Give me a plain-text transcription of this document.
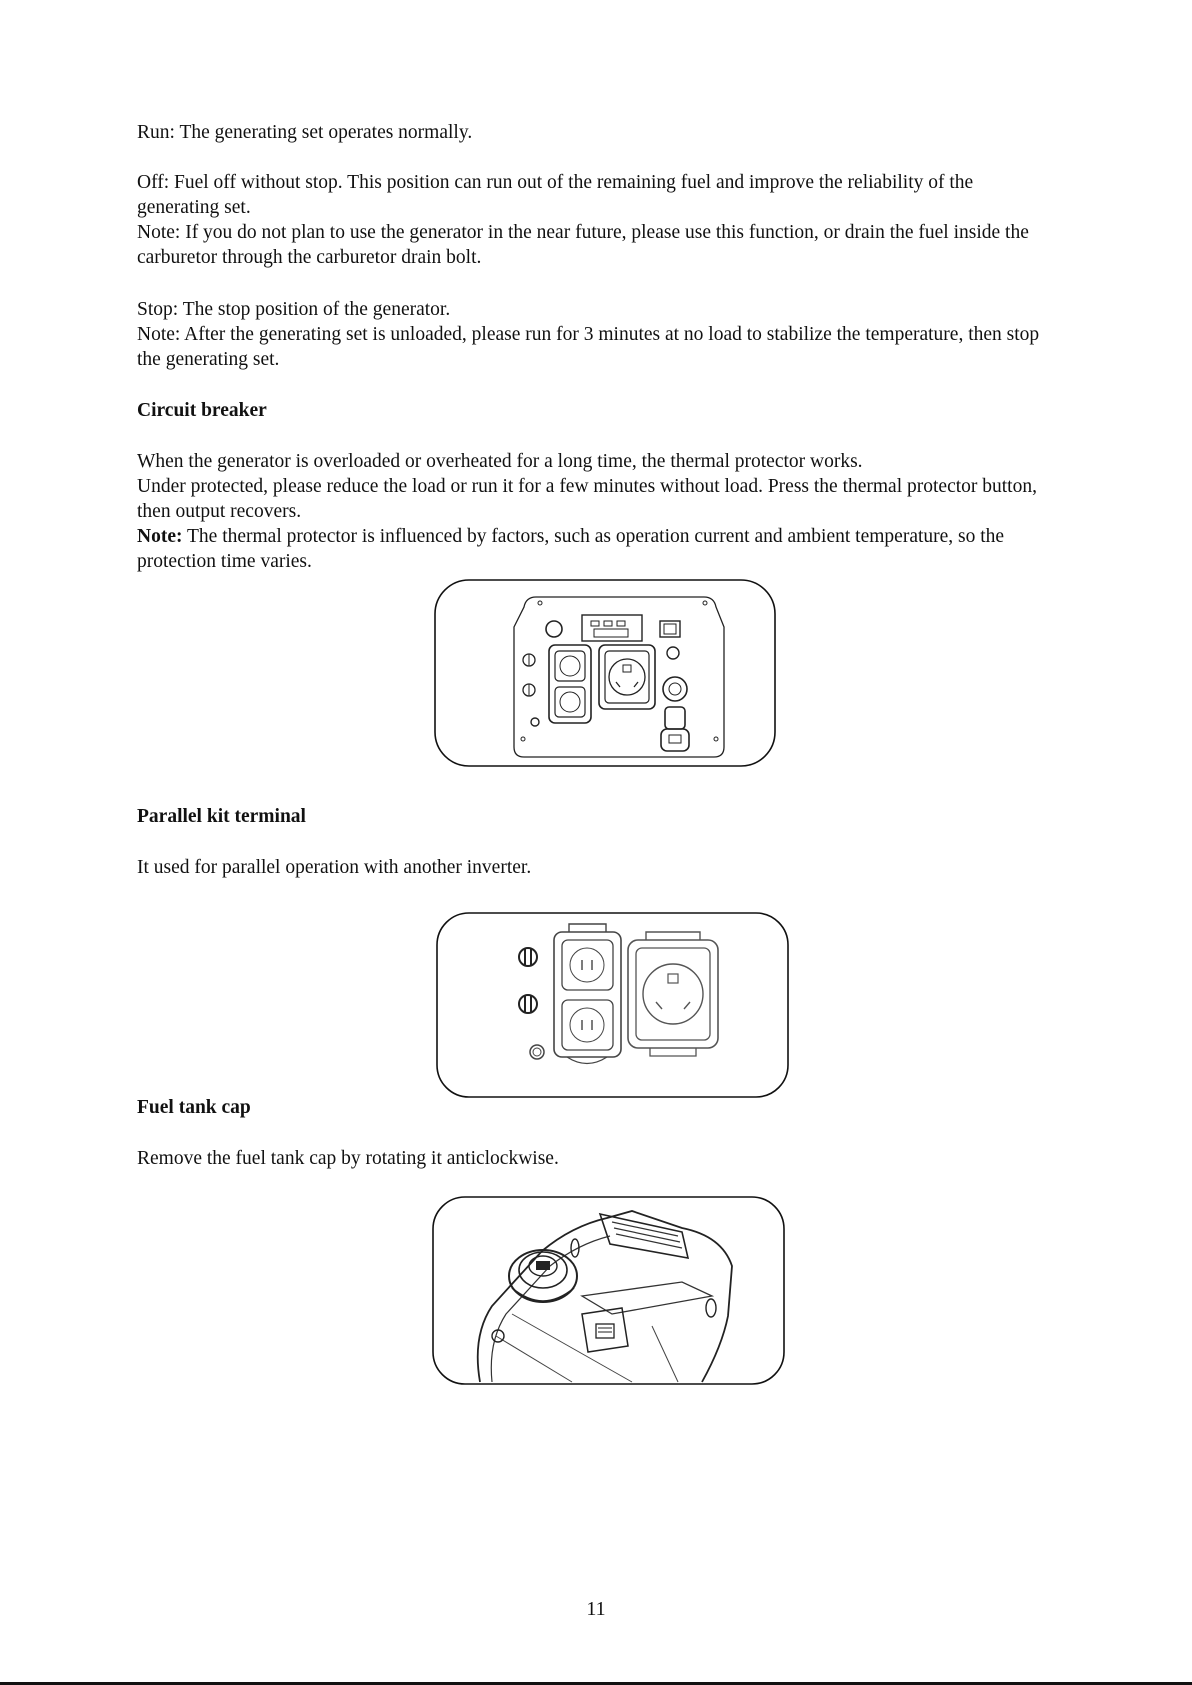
Run: The generating set operates normally.

Off: Fuel off without stop. This position can run out of the remaining fuel and improve the reliability of the generating set.

Note: If you do not plan to use the generator in the near future, please use this function, or drain the fuel inside the carburetor through the carburetor drain bolt.

Stop: The stop position of the generator.

Note: After the generating set is unloaded, please run for 3 minutes at no load to stabilize the temperature, then stop the generating set.

Circuit breaker

When the generator is overloaded or overheated for a long time, the thermal protector works.

Under protected, please reduce the load or run it for a few minutes without load. Press the thermal protector button, then output recovers.

Note: The thermal protector is influenced by factors, such as operation current and ambient temperature, so the protection time varies.

Parallel kit terminal

It used for parallel operation with another inverter.

Fuel tank cap

Remove the fuel tank cap by rotating it anticlockwise.

11
